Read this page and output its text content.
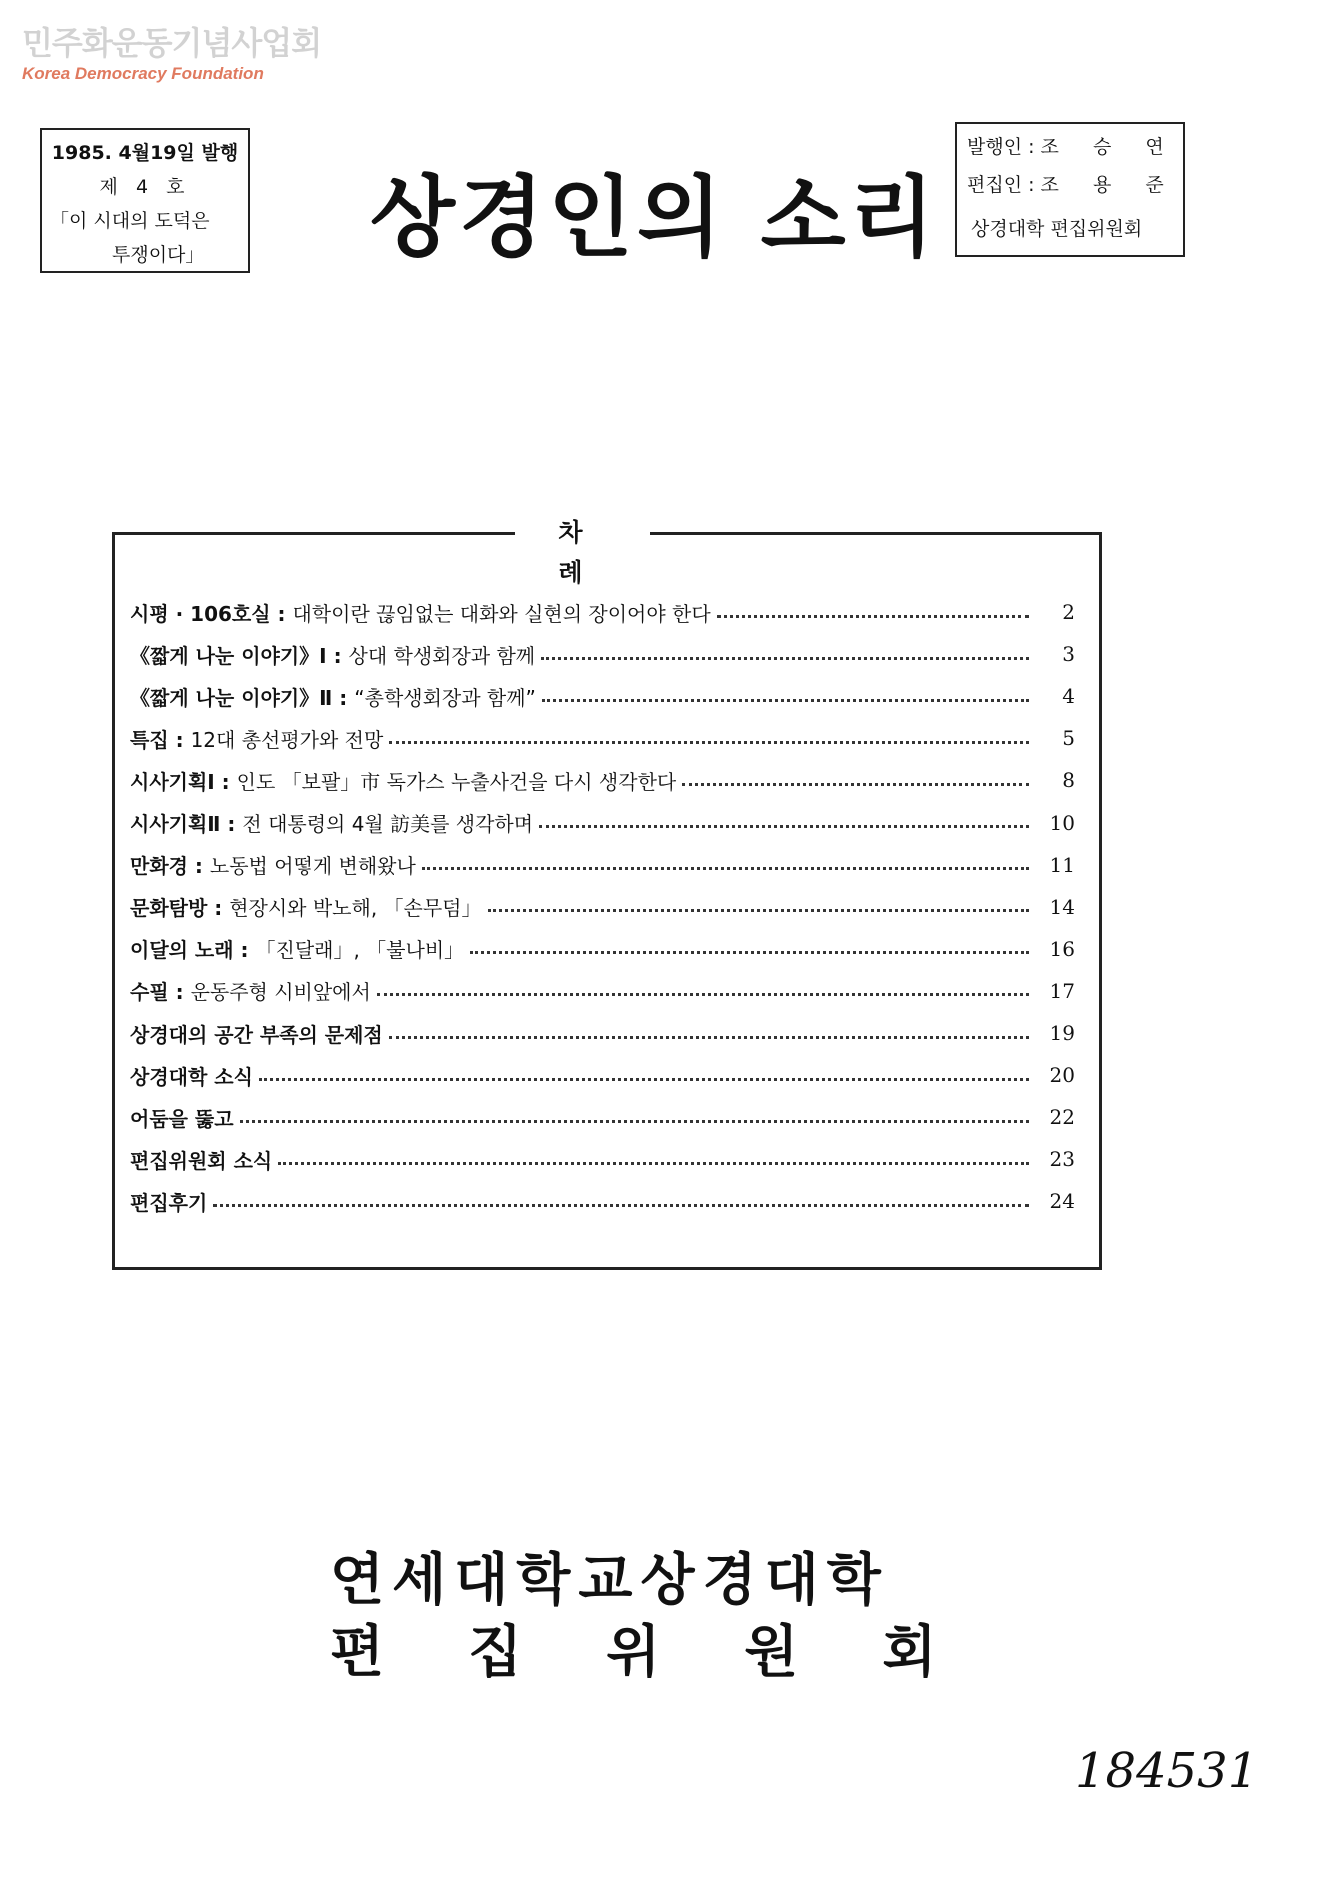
민주화운동기념사업회
Korea Democracy Foundation
1985. 4월19일 발행
제 4 호
「이 시대의 도덕은
투쟁이다」	상경인의 소리
발행인 : 조 승 연
편집인 : 조 용 준
상경대학 편집위원회
차 례
시평 · 106호실 : 대학이란 끊임없는 대화와 실현의 장이어야 한다	2
《짧게 나눈 이야기》Ⅰ : 상대 학생회장과 함께	3
《짧게 나눈 이야기》Ⅱ : “총학생회장과 함께”	4
특집 : 12대 총선평가와 전망	5
시사기획Ⅰ : 인도 「보팔」市 독가스 누출사건을 다시 생각한다	8
시사기획Ⅱ : 전 대통령의 4월 訪美를 생각하며	10
만화경 : 노동법 어떻게 변해왔나	11
문화탐방 : 현장시와 박노해, 「손무덤」	14
이달의 노래 : 「진달래」, 「불나비」	16
수필 : 운동주형 시비앞에서	17
상경대의 공간 부족의 문제점	19
상경대학 소식	20
어둠을 뚫고	22
편집위원회 소식	23
편집후기	24
연세대학교상경대학
편집위원회
184531
